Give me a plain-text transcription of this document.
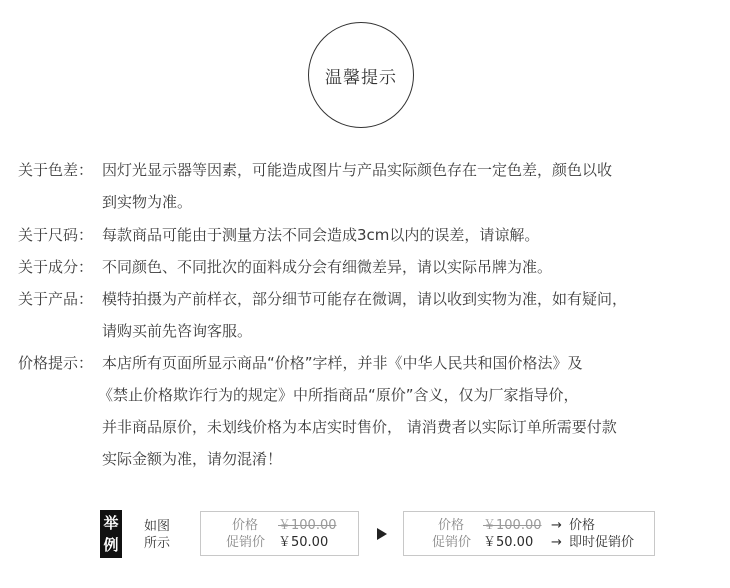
温馨提示
关于色差： 因灯光显示器等因素，可能造成图片与产品实际颜色存在一定色差，颜色以收
到实物为准。
关于尺码： 每款商品可能由于测量方法不同会造成3cm以内的误差，请谅解。
关于成分： 不同颜色、不同批次的面料成分会有细微差异，请以实际吊牌为准。
关于产品： 模特拍摄为产前样衣，部分细节可能存在微调，请以收到实物为准，如有疑问，
请购买前先咨询客服。
价格提示： 本店所有页面所显示商品“价格”字样，并非《中华人民共和国价格法》及
《禁止价格欺诈行为的规定》中所指商品“原价”含义，仅为厂家指导价，
并非商品原价，未划线价格为本店实时售价， 请消费者以实际订单所需要付款
实际金额为准，请勿混淆！
举
例
如图
所示
价格 ￥100.00
促销价 ￥50.00
价格 ￥100.00 → 价格
促销价 ￥50.00 → 即时促销价
